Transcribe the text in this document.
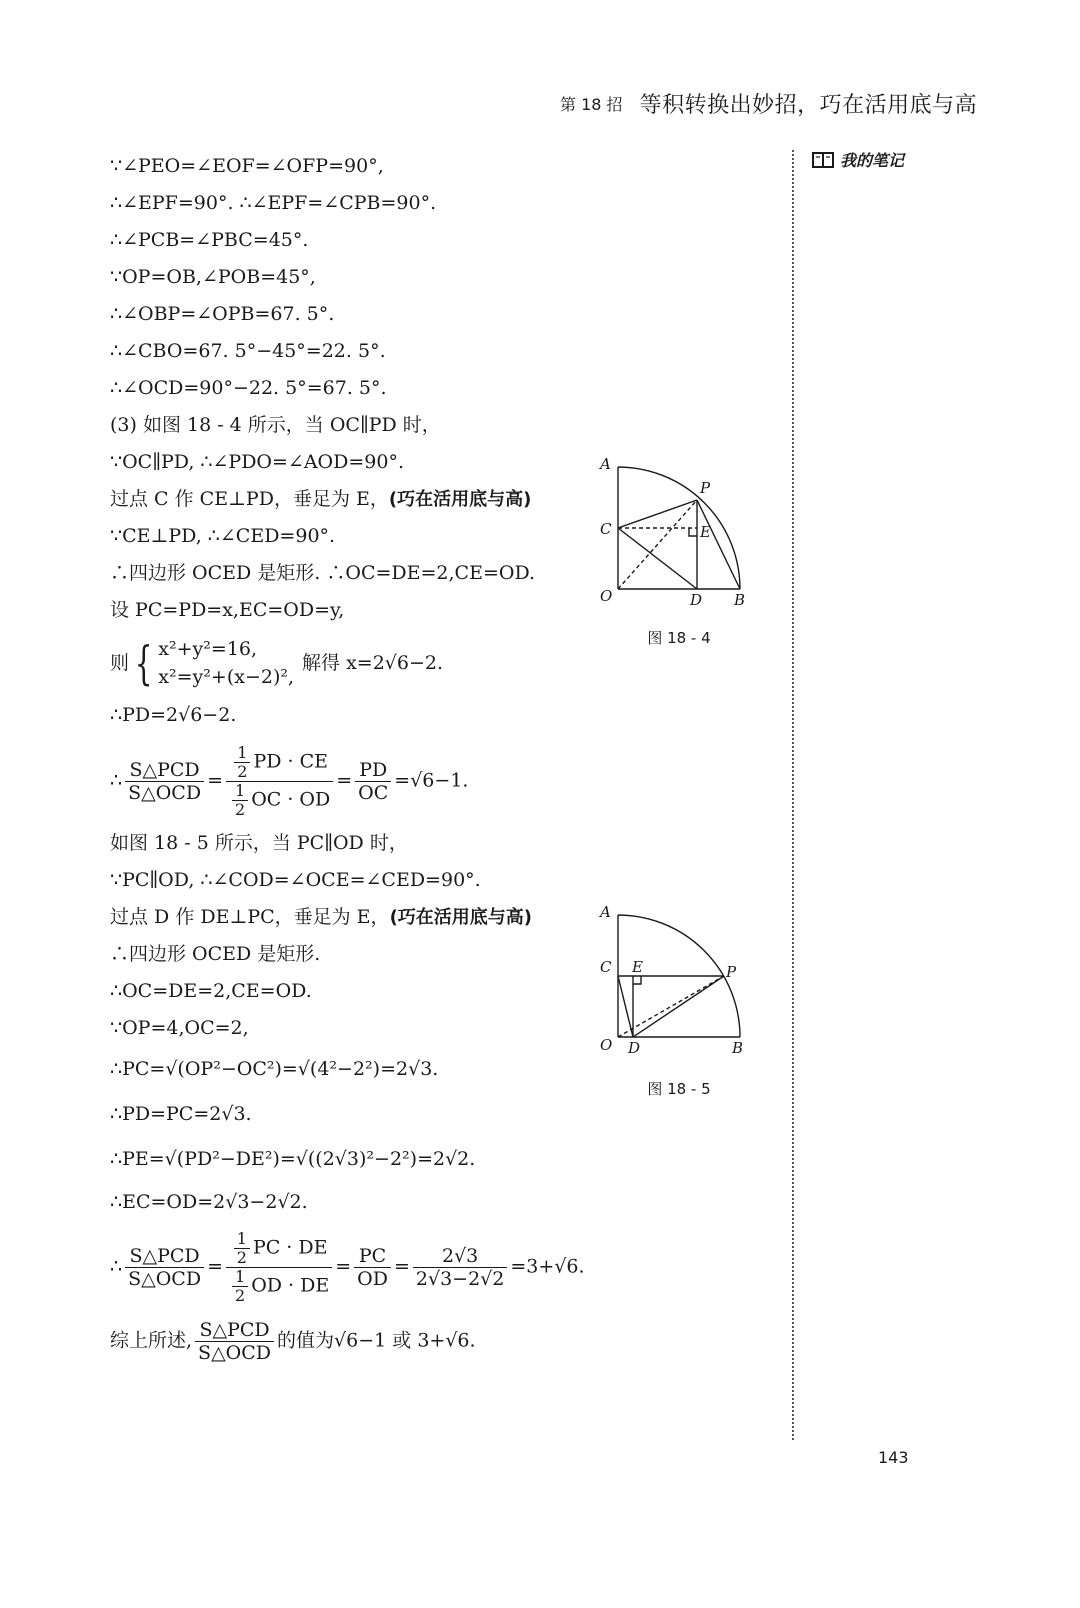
第 18 招 等积转换出妙招，巧在活用底与高
我的笔记
∵∠PEO=∠EOF=∠OFP=90°,
∴∠EPF=90°. ∴∠EPF=∠CPB=90°.
∴∠PCB=∠PBC=45°.
∵OP=OB,∠POB=45°,
∴∠OBP=∠OPB=67. 5°.
∴∠CBO=67. 5°−45°=22. 5°.
∴∠OCD=90°−22. 5°=67. 5°.
(3) 如图 18 - 4 所示，当 OC∥PD 时，
∵OC∥PD, ∴∠PDO=∠AOD=90°.
过点 C 作 CE⊥PD，垂足为 E，(巧在活用底与高)
∵CE⊥PD, ∴∠CED=90°.
∴四边形 OCED 是矩形. ∴OC=DE=2,CE=OD.
设 PC=PD=x,EC=OD=y,
则 { x²+y²=16,
x²=y²+(x−2)²,
解得 x=2√6−2.
∴PD=2√6−2.
∴ $\frac{\text{S△PCD}}{\text{S△OCD}} = \frac{\frac{1}{2} PD \cdot CE}{\frac{1}{2} OC \cdot OD} = \frac{PD}{OC} =√6-1$.
如图 18 - 5 所示，当 PC∥OD 时，
∵PC∥OD, ∴∠COD=∠OCE=∠CED=90°.
过点 D 作 DE⊥PC，垂足为 E，(巧在活用底与高)
∴四边形 OCED 是矩形.
∴OC=DE=2,CE=OD.
∵OP=4,OC=2,
∴PC=√(OP²−OC²)=√(4²−2²)=2√3.
∴PD=PC=2√3.
∴PE=√(PD²−DE²)=√((2√3)²−2²)=2√2.
∴EC=OD=2√3−2√2.
∴ $\frac{\text{S△PCD}}{\text{S△OCD}} = \frac{\frac{1}{2} PC \cdot DE}{\frac{1}{2} OD \cdot DE} = \frac{PC}{OD} = \frac{2√3}{2√3-2√2} =3+√6$.
综上所述, $\frac{\text{S△PCD}}{\text{S△OCD}}$ 的值为√6−1 或 3+√6.
A
P
C	E
O	D B
图 18 - 4
A
C E	P
O D	B
图 18 - 5
143
